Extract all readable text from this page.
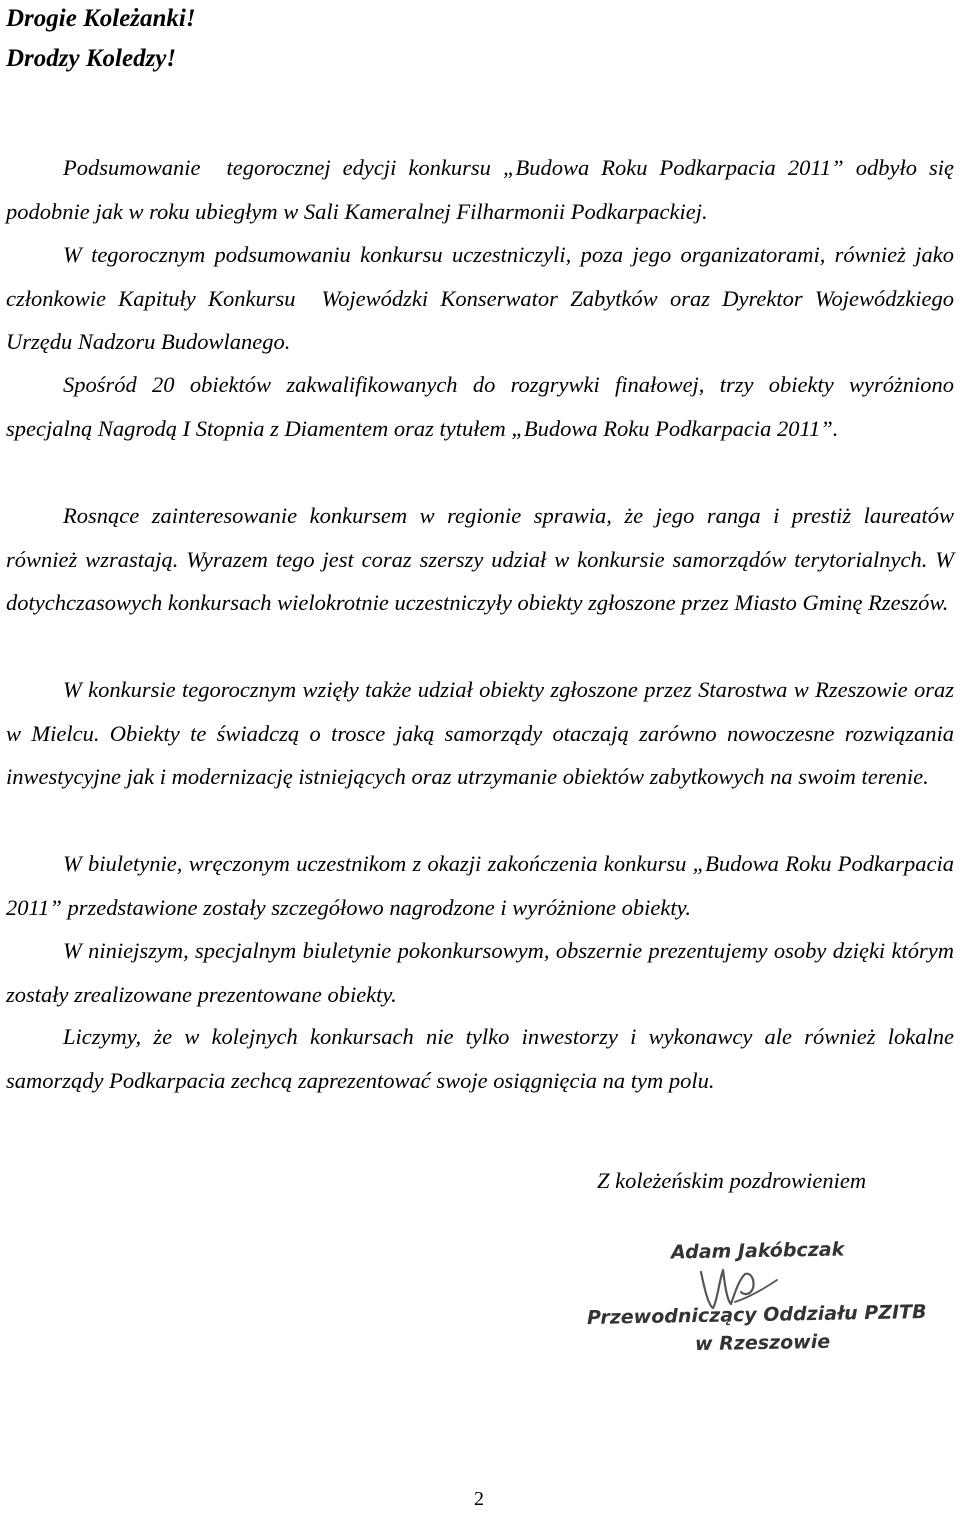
Drogie Koleżanki!

Drodzy Koledzy!

Podsumowanie tegorocznej edycji konkursu „Budowa Roku Podkarpacia 2011” odbyło się podobnie jak w roku ubiegłym w Sali Kameralnej Filharmonii Podkarpackiej.

W tegorocznym podsumowaniu konkursu uczestniczyli, poza jego organizatorami, również jako członkowie Kapituły Konkursu Wojewódzki Konserwator Zabytków oraz Dyrektor Wojewódzkiego Urzędu Nadzoru Budowlanego.

Spośród 20 obiektów zakwalifikowanych do rozgrywki finałowej, trzy obiekty wyróżniono specjalną Nagrodą I Stopnia z Diamentem oraz tytułem „Budowa Roku Podkarpacia 2011”.

Rosnące zainteresowanie konkursem w regionie sprawia, że jego ranga i prestiż laureatów również wzrastają. Wyrazem tego jest coraz szerszy udział w konkursie samorządów terytorialnych. W dotychczasowych konkursach wielokrotnie uczestniczyły obiekty zgłoszone przez Miasto Gminę Rzeszów.

W konkursie tegorocznym wzięły także udział obiekty zgłoszone przez Starostwa w Rzeszowie oraz w Mielcu. Obiekty te świadczą o trosce jaką samorządy otaczają zarówno nowoczesne rozwiązania inwestycyjne jak i modernizację istniejących oraz utrzymanie obiektów zabytkowych na swoim terenie.

W biuletynie, wręczonym uczestnikom z okazji zakończenia konkursu „Budowa Roku Podkarpacia 2011” przedstawione zostały szczegółowo nagrodzone i wyróżnione obiekty.

W niniejszym, specjalnym biuletynie pokonkursowym, obszernie prezentujemy osoby dzięki którym zostały zrealizowane prezentowane obiekty.

Liczymy, że w kolejnych konkursach nie tylko inwestorzy i wykonawcy ale również lokalne samorządy Podkarpacia zechcą zaprezentować swoje osiągnięcia na tym polu.

Z koleżeńskim pozdrowieniem

Adam Jakóbczak
Przewodniczący Oddziału PZITB
w Rzeszowie

2
